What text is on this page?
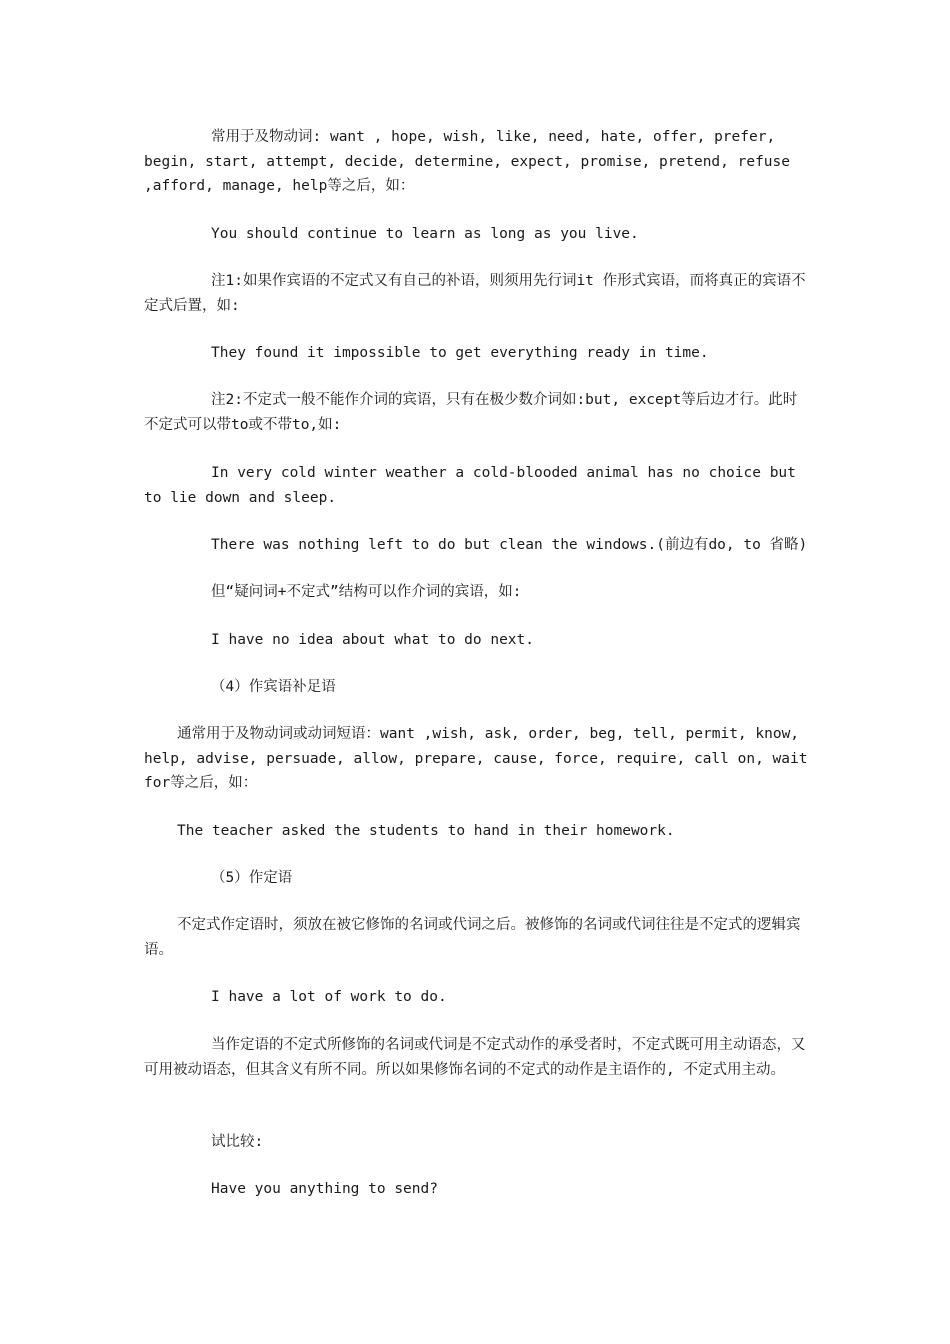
常用于及物动词: want , hope, wish, like, need, hate, offer, prefer, begin, start, attempt, decide, determine, expect, promise, pretend, refuse ,afford, manage, help等之后，如：

You should continue to learn as long as you live.

注1:如果作宾语的不定式又有自己的补语，则须用先行词it 作形式宾语，而将真正的宾语不定式后置，如:

They found it impossible to get everything ready in time.

注2:不定式一般不能作介词的宾语，只有在极少数介词如:but, except等后边才行。此时不定式可以带to或不带to,如:

In very cold winter weather a cold-blooded animal has no choice but to lie down and sleep.

There was nothing left to do but clean the windows.(前边有do, to 省略)

但“疑问词+不定式”结构可以作介词的宾语，如:

I have no idea about what to do next.

（4）作宾语补足语

通常用于及物动词或动词短语：want ,wish, ask, order, beg, tell, permit, know, help, advise, persuade, allow, prepare, cause, force, require, call on, wait for等之后，如：

The teacher asked the students to hand in their homework.

（5）作定语

不定式作定语时，须放在被它修饰的名词或代词之后。被修饰的名词或代词往往是不定式的逻辑宾语。

I have a lot of work to do.

当作定语的不定式所修饰的名词或代词是不定式动作的承受者时，不定式既可用主动语态，又可用被动语态，但其含义有所不同。所以如果修饰名词的不定式的动作是主语作的, 不定式用主动。

试比较:

Have you anything to send?
